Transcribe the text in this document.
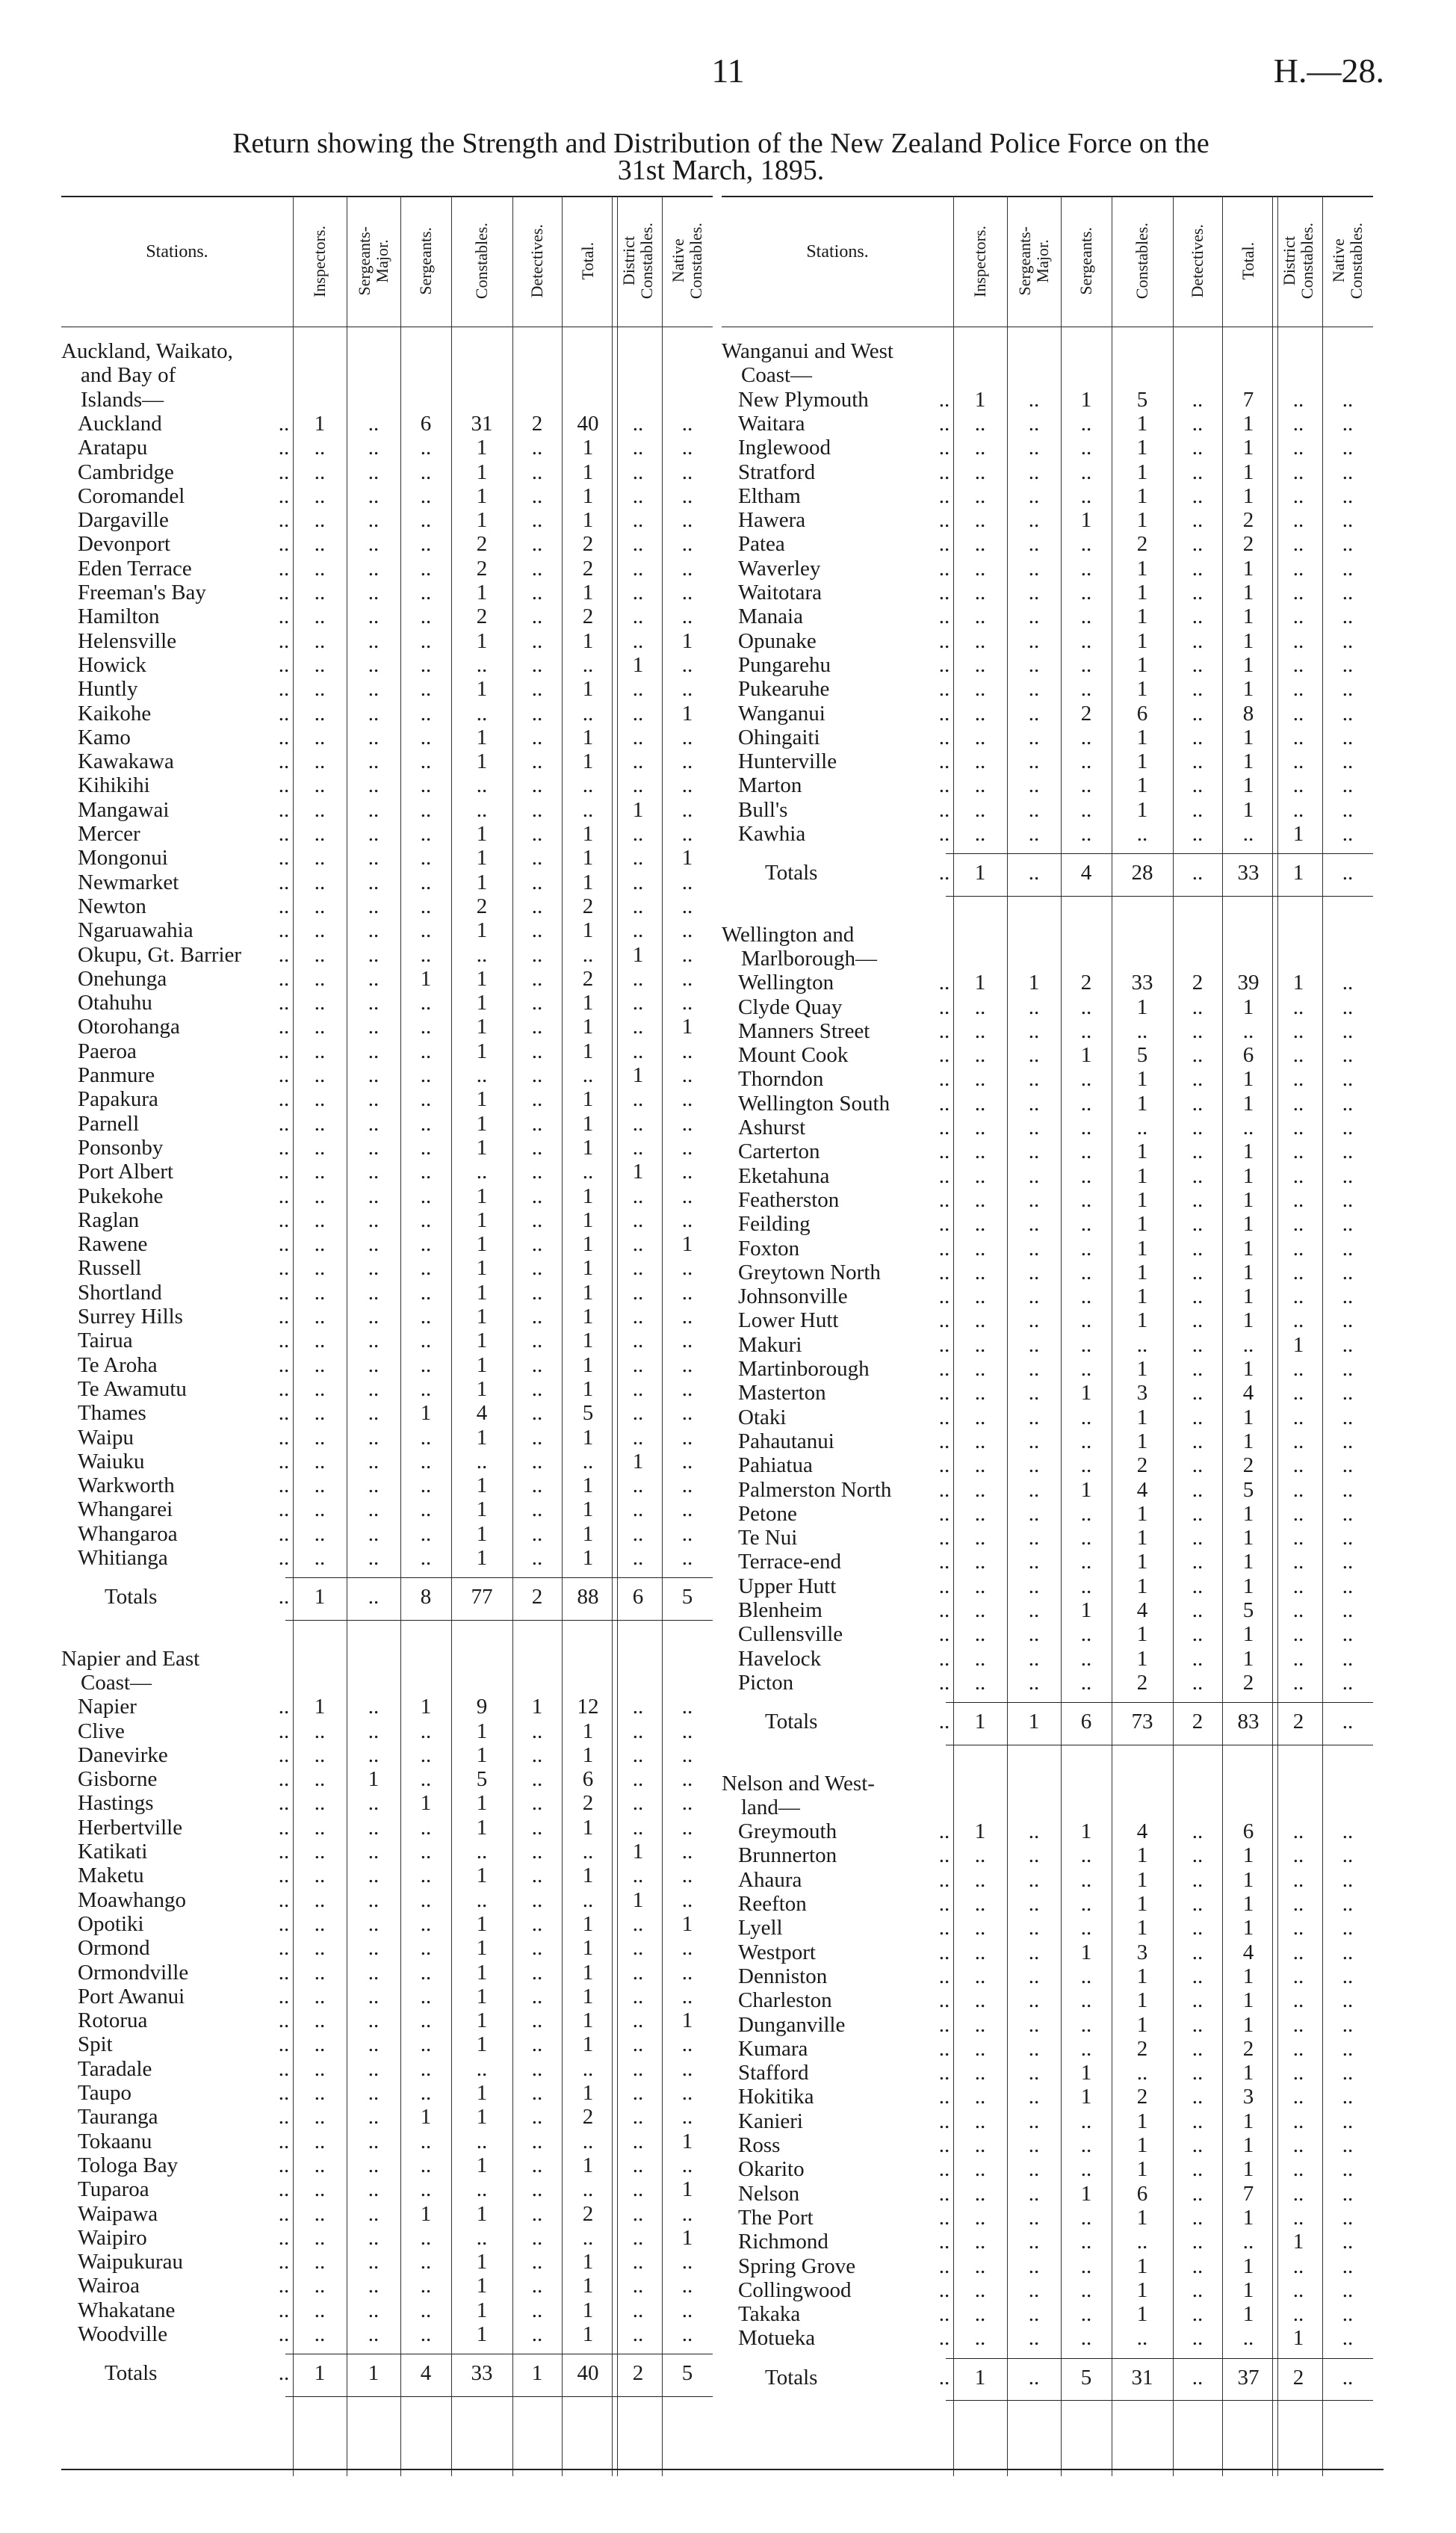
11	H.—28.
Return showing the Strength and Distribution of the New Zealand Police Force on the
31st March, 1895.
Stations.	Inspectors. Sergeants-
Major. Sergeants. Constables. Detectives. Total. District
Constables. Native
Constables.
Auckland, Waikato,
and Bay of
Islands—
Auckland	..	1	..	6	31	2	40	..	..
Aratapu	..	..	..	..	1	..	1	..	..
Cambridge	..	..	..	..	1	..	1	..	..
Coromandel	..	..	..	..	1	..	1	..	..
Dargaville	..	..	..	..	1	..	1	..	..
Devonport	..	..	..	..	2	..	2	..	..
Eden Terrace	..	..	..	..	2	..	2	..	..
Freeman's Bay	..	..	..	..	1	..	1	..	..
Hamilton	..	..	..	..	2	..	2	..	..
Helensville	..	..	..	..	1	..	1	..	1
Howick	..	..	..	..	..	..	..	1	..
Huntly	..	..	..	..	1	..	1	..	..
Kaikohe	..	..	..	..	..	..	..	..	1
Kamo	..	..	..	..	1	..	1	..	..
Kawakawa	..	..	..	..	1	..	1	..	..
Kihikihi	..	..	..	..	..	..	..	..	..
Mangawai	..	..	..	..	..	..	..	1	..
Mercer	..	..	..	..	1	..	1	..	..
Mongonui	..	..	..	..	1	..	1	..	1
Newmarket	..	..	..	..	1	..	1	..	..
Newton	..	..	..	..	2	..	2	..	..
Ngaruawahia	..	..	..	..	1	..	1	..	..
Okupu, Gt. Barrier ..	..	..	..	..	..	..	1	..
Onehunga	..	..	..	1	1	..	2	..	..
Otahuhu	..	..	..	..	1	..	1	..	..
Otorohanga	..	..	..	..	1	..	1	..	1
Paeroa	..	..	..	..	1	..	1	..	..
Panmure	..	..	..	..	..	..	..	1	..
Papakura	..	..	..	..	1	..	1	..	..
Parnell	..	..	..	..	1	..	1	..	..
Ponsonby	..	..	..	..	1	..	1	..	..
Port Albert	..	..	..	..	..	..	..	1	..
Pukekohe	..	..	..	..	1	..	1	..	..
Raglan	..	..	..	..	1	..	1	..	..
Rawene	..	..	..	..	1	..	1	..	1
Russell	..	..	..	..	1	..	1	..	..
Shortland	..	..	..	..	1	..	1	..	..
Surrey Hills	..	..	..	..	1	..	1	..	..
Tairua	..	..	..	..	1	..	1	..	..
Te Aroha	..	..	..	..	1	..	1	..	..
Te Awamutu	..	..	..	..	1	..	1	..	..
Thames	..	..	..	1	4	..	5	..	..
Waipu	..	..	..	..	1	..	1	..	..
Waiuku	..	..	..	..	..	..	..	1	..
Warkworth	..	..	..	..	1	..	1	..	..
Whangarei	..	..	..	..	1	..	1	..	..
Whangaroa	..	..	..	..	1	..	1	..	..
Whitianga	..	..	..	..	1	..	1	..	..
Totals	..	1	..	8	77	2	88	6	5
Napier and East
Coast—
Napier	..	1	..	1	9	1	12	..	..
Clive	..	..	..	..	1	..	1	..	..
Danevirke	..	..	..	..	1	..	1	..	..
Gisborne	..	..	1	..	5	..	6	..	..
Hastings	..	..	..	1	1	..	2	..	..
Herbertville	..	..	..	..	1	..	1	..	..
Katikati	..	..	..	..	..	..	..	1	..
Maketu	..	..	..	..	1	..	1	..	..
Moawhango	..	..	..	..	..	..	..	1	..
Opotiki	..	..	..	..	1	..	1	..	1
Ormond	..	..	..	..	1	..	1	..	..
Ormondville	..	..	..	..	1	..	1	..	..
Port Awanui	..	..	..	..	1	..	1	..	..
Rotorua	..	..	..	..	1	..	1	..	1
Spit	..	..	..	..	1	..	1	..	..
Taradale	..	..	..	..	..	..	..	..	..
Taupo	..	..	..	..	1	..	1	..	..
Tauranga	..	..	..	1	1	..	2	..	..
Tokaanu	..	..	..	..	..	..	..	..	1
Tologa Bay	..	..	..	..	1	..	1	..	..
Tuparoa	..	..	..	..	..	..	..	..	1
Waipawa	..	..	..	1	1	..	2	..	..
Waipiro	..	..	..	..	..	..	..	..	1
Waipukurau	..	..	..	..	1	..	1	..	..
Wairoa	..	..	..	..	1	..	1	..	..
Whakatane	..	..	..	..	1	..	1	..	..
Woodville	..	..	..	..	1	..	1	..	..
Totals	..	1	1	4	33	1	40	2	5
Stations.	Inspectors. Sergeants-
Major. Sergeants. Constables. Detectives. Total. District
Constables. Native
Constables.
Wanganui and West
Coast—
New Plymouth	..	1	..	1	5	..	7	..	..
Waitara	..	..	..	..	1	..	1	..	..
Inglewood	..	..	..	..	1	..	1	..	..
Stratford	..	..	..	..	1	..	1	..	..
Eltham	..	..	..	..	1	..	1	..	..
Hawera	..	..	..	1	1	..	2	..	..
Patea	..	..	..	..	2	..	2	..	..
Waverley	..	..	..	..	1	..	1	..	..
Waitotara	..	..	..	..	1	..	1	..	..
Manaia	..	..	..	..	1	..	1	..	..
Opunake	..	..	..	..	1	..	1	..	..
Pungarehu	..	..	..	..	1	..	1	..	..
Pukearuhe	..	..	..	..	1	..	1	..	..
Wanganui	..	..	..	2	6	..	8	..	..
Ohingaiti	..	..	..	..	1	..	1	..	..
Hunterville	..	..	..	..	1	..	1	..	..
Marton	..	..	..	..	1	..	1	..	..
Bull's	..	..	..	..	1	..	1	..	..
Kawhia	..	..	..	..	..	..	..	1	..
Totals	..	1	..	4	28	..	33	1	..
Wellington and
Marlborough—
Wellington	..	1	1	2	33	2	39	1	..
Clyde Quay	..	..	..	..	1	..	1	..	..
Manners Street	..	..	..	..	..	..	..	..	..
Mount Cook	..	..	..	1	5	..	6	..	..
Thorndon	..	..	..	..	1	..	1	..	..
Wellington South ..	..	..	..	1	..	1	..	..
Ashurst	..	..	..	..	..	..	..	..	..
Carterton	..	..	..	..	1	..	1	..	..
Eketahuna	..	..	..	..	1	..	1	..	..
Featherston	..	..	..	..	1	..	1	..	..
Feilding	..	..	..	..	1	..	1	..	..
Foxton	..	..	..	..	1	..	1	..	..
Greytown North	..	..	..	..	1	..	1	..	..
Johnsonville	..	..	..	..	1	..	1	..	..
Lower Hutt	..	..	..	..	1	..	1	..	..
Makuri	..	..	..	..	..	..	..	1	..
Martinborough	..	..	..	..	1	..	1	..	..
Masterton	..	..	..	1	3	..	4	..	..
Otaki	..	..	..	..	1	..	1	..	..
Pahautanui	..	..	..	..	1	..	1	..	..
Pahiatua	..	..	..	..	2	..	2	..	..
Palmerston North ..	..	..	1	4	..	5	..	..
Petone	..	..	..	..	1	..	1	..	..
Te Nui	..	..	..	..	1	..	1	..	..
Terrace-end	..	..	..	..	1	..	1	..	..
Upper Hutt	..	..	..	..	1	..	1	..	..
Blenheim	..	..	..	1	4	..	5	..	..
Cullensville	..	..	..	..	1	..	1	..	..
Havelock	..	..	..	..	1	..	1	..	..
Picton	..	..	..	..	2	..	2	..	..
Totals	..	1	1	6	73	2	83	2	..
Nelson and West-
land—
Greymouth	..	1	..	1	4	..	6	..	..
Brunnerton	..	..	..	..	1	..	1	..	..
Ahaura	..	..	..	..	1	..	1	..	..
Reefton	..	..	..	..	1	..	1	..	..
Lyell	..	..	..	..	1	..	1	..	..
Westport	..	..	..	1	3	..	4	..	..
Denniston	..	..	..	..	1	..	1	..	..
Charleston	..	..	..	..	1	..	1	..	..
Dunganville	..	..	..	..	1	..	1	..	..
Kumara	..	..	..	..	2	..	2	..	..
Stafford	..	..	..	1	..	..	1	..	..
Hokitika	..	..	..	1	2	..	3	..	..
Kanieri	..	..	..	..	1	..	1	..	..
Ross	..	..	..	..	1	..	1	..	..
Okarito	..	..	..	..	1	..	1	..	..
Nelson	..	..	..	1	6	..	7	..	..
The Port	..	..	..	..	1	..	1	..	..
Richmond	..	..	..	..	..	..	..	1	..
Spring Grove	..	..	..	..	1	..	1	..	..
Collingwood	..	..	..	..	1	..	1	..	..
Takaka	..	..	..	..	1	..	1	..	..
Motueka	..	..	..	..	..	..	..	1	..
Totals	..	1	..	5	31	..	37	2	..
